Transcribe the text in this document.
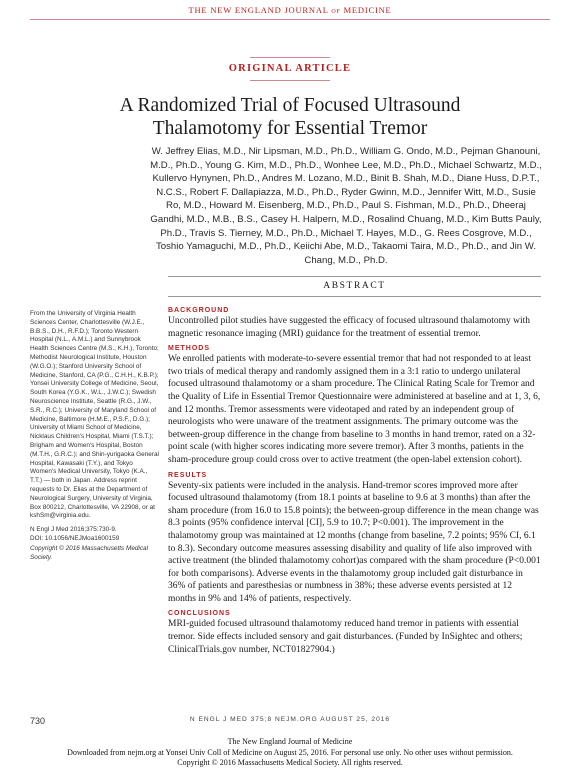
THE NEW ENGLAND JOURNAL of MEDICINE
ORIGINAL ARTICLE
A Randomized Trial of Focused Ultrasound
Thalamotomy for Essential Tremor
W. Jeffrey Elias, M.D., Nir Lipsman, M.D., Ph.D., William G. Ondo, M.D., Pejman Ghanouni, M.D., Ph.D., Young G. Kim, M.D., Ph.D., Wonhee Lee, M.D., Ph.D., Michael Schwartz, M.D., Kullervo Hynynen, Ph.D., Andres M. Lozano, M.D., Binit B. Shah, M.D., Diane Huss, D.P.T., N.C.S., Robert F. Dallapiazza, M.D., Ph.D., Ryder Gwinn, M.D., Jennifer Witt, M.D., Susie Ro, M.D., Howard M. Eisenberg, M.D., Ph.D., Paul S. Fishman, M.D., Ph.D., Dheeraj Gandhi, M.D., M.B., B.S., Casey H. Halpern, M.D., Rosalind Chuang, M.D., Kim Butts Pauly, Ph.D., Travis S. Tierney, M.D., Ph.D., Michael T. Hayes, M.D., G. Rees Cosgrove, M.D., Toshio Yamaguchi, M.D., Ph.D., Keiichi Abe, M.D., Takaomi Taira, M.D., Ph.D., and Jin W. Chang, M.D., Ph.D.
ABSTRACT

From the University of Virginia Health Sciences Center, Charlottesville (W.J.E., B.B.S., D.H., R.F.D.); Toronto Western Hospital (N.L., A.M.L.) and Sunnybrook Health Sciences Centre (M.S., K.H.), Toronto; Methodist Neurological Institute, Houston (W.G.O.); Stanford University School of Medicine, Stanford, CA (P.G., C.H.H., K.B.P.); Yonsei University College of Medicine, Seoul, South Korea (Y.G.K., W.L., J.W.C.); Swedish Neuroscience Institute, Seattle (R.G., J.W., S.R., R.C.); University of Maryland School of Medicine, Baltimore (H.M.E., P.S.F., D.G.); University of Miami School of Medicine, Nicklaus Children's Hospital, Miami (T.S.T.); Brigham and Women's Hospital, Boston (M.T.H., G.R.C.); and Shin-yurigaoka General Hospital, Kawasaki (T.Y.), and Tokyo Women's Medical University, Tokyo (K.A., T.T.) — both in Japan. Address reprint requests to Dr. Elias at the Department of Neurological Surgery, University of Virginia, Box 800212, Charlottesville, VA 22908, or at kshSm@virginia.edu.

N Engl J Med 2016;375:730-9.

DOI: 10.1056/NEJMoa1600159

Copyright © 2016 Massachusetts Medical Society.

BACKGROUND

Uncontrolled pilot studies have suggested the efficacy of focused ultrasound thalamotomy with magnetic resonance imaging (MRI) guidance for the treatment of essential tremor.

METHODS

We enrolled patients with moderate-to-severe essential tremor that had not responded to at least two trials of medical therapy and randomly assigned them in a 3:1 ratio to undergo unilateral focused ultrasound thalamotomy or a sham procedure. The Clinical Rating Scale for Tremor and the Quality of Life in Essential Tremor Questionnaire were administered at baseline and at 1, 3, 6, and 12 months. Tremor assessments were videotaped and rated by an independent group of neurologists who were unaware of the treatment assignments. The primary outcome was the between-group difference in the change from baseline to 3 months in hand tremor, rated on a 32-point scale (with higher scores indicating more severe tremor). After 3 months, patients in the sham-procedure group could cross over to active treatment (the open-label extension cohort).

RESULTS

Seventy-six patients were included in the analysis. Hand-tremor scores improved more after focused ultrasound thalamotomy (from 18.1 points at baseline to 9.6 at 3 months) than after the sham procedure (from 16.0 to 15.8 points); the between-group difference in the mean change was 8.3 points (95% confidence interval [CI], 5.9 to 10.7; P<0.001). The improvement in the thalamotomy group was maintained at 12 months (change from baseline, 7.2 points; 95% CI, 6.1 to 8.3). Secondary outcome measures assessing disability and quality of life also improved with active treatment (the blinded thalamotomy cohort)as compared with the sham procedure (P<0.001 for both comparisons). Adverse events in the thalamotomy group included gait disturbance in 36% of patients and paresthesias or numbness in 38%; these adverse events persisted at 12 months in 9% and 14% of patients, respectively.

CONCLUSIONS

MRI-guided focused ultrasound thalamotomy reduced hand tremor in patients with essential tremor. Side effects included sensory and gait disturbances. (Funded by InSightec and others; ClinicalTrials.gov number, NCT01827904.)

730	N ENGL J MED 375;8 NEJM.ORG AUGUST 25, 2016
The New England Journal of Medicine
Downloaded from nejm.org at Yonsei Univ Coll of Medicine on August 25, 2016. For personal use only. No other uses without permission.
Copyright © 2016 Massachusetts Medical Society. All rights reserved.
